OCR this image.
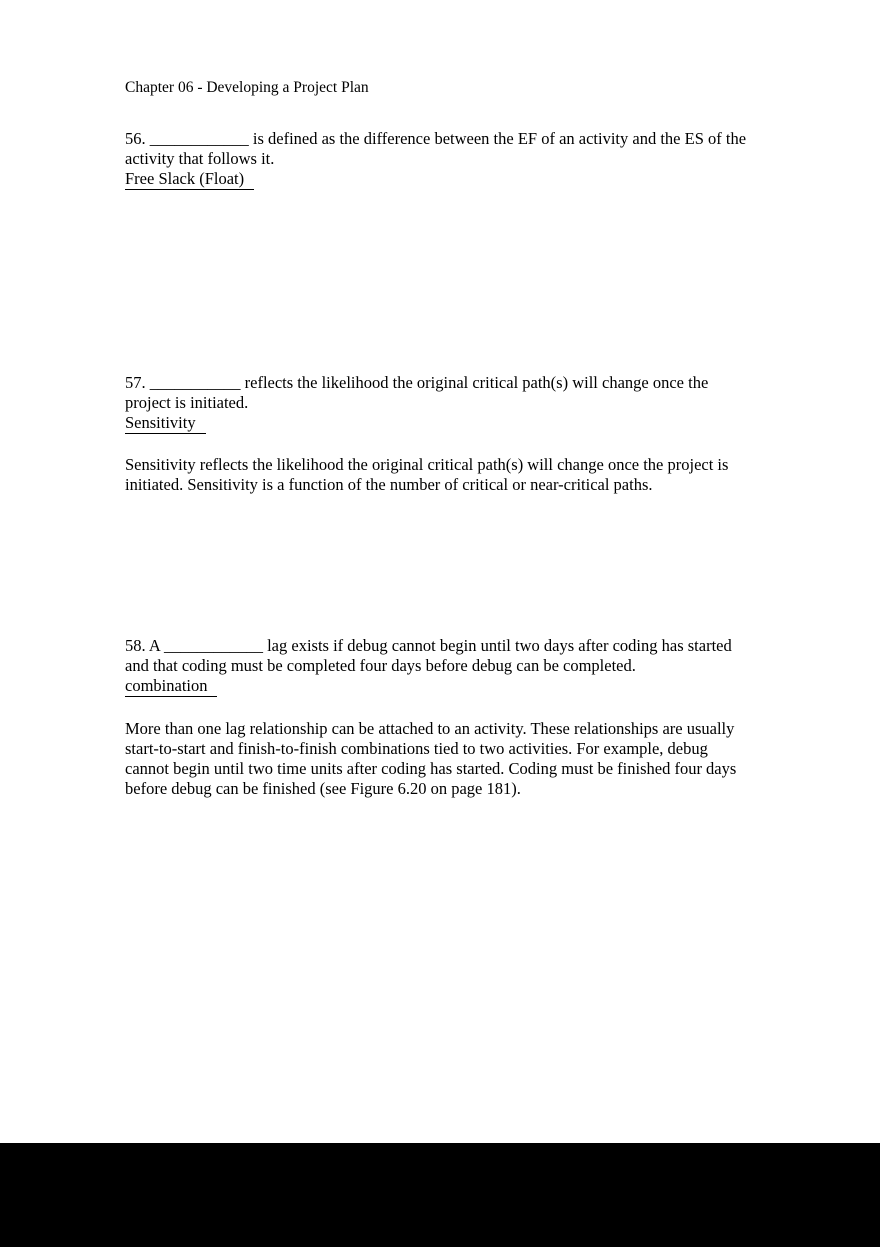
Chapter 06 - Developing a Project Plan
56. ____________ is defined as the difference between the EF of an activity and the ES of the
activity that follows it.
Free Slack (Float)
57. ___________ reflects the likelihood the original critical path(s) will change once the
project is initiated.
Sensitivity
Sensitivity reflects the likelihood the original critical path(s) will change once the project is
initiated. Sensitivity is a function of the number of critical or near-critical paths.
58. A ____________ lag exists if debug cannot begin until two days after coding has started
and that coding must be completed four days before debug can be completed.
combination
More than one lag relationship can be attached to an activity. These relationships are usually
start-to-start and finish-to-finish combinations tied to two activities. For example, debug
cannot begin until two time units after coding has started. Coding must be finished four days
before debug can be finished (see Figure 6.20 on page 181).
